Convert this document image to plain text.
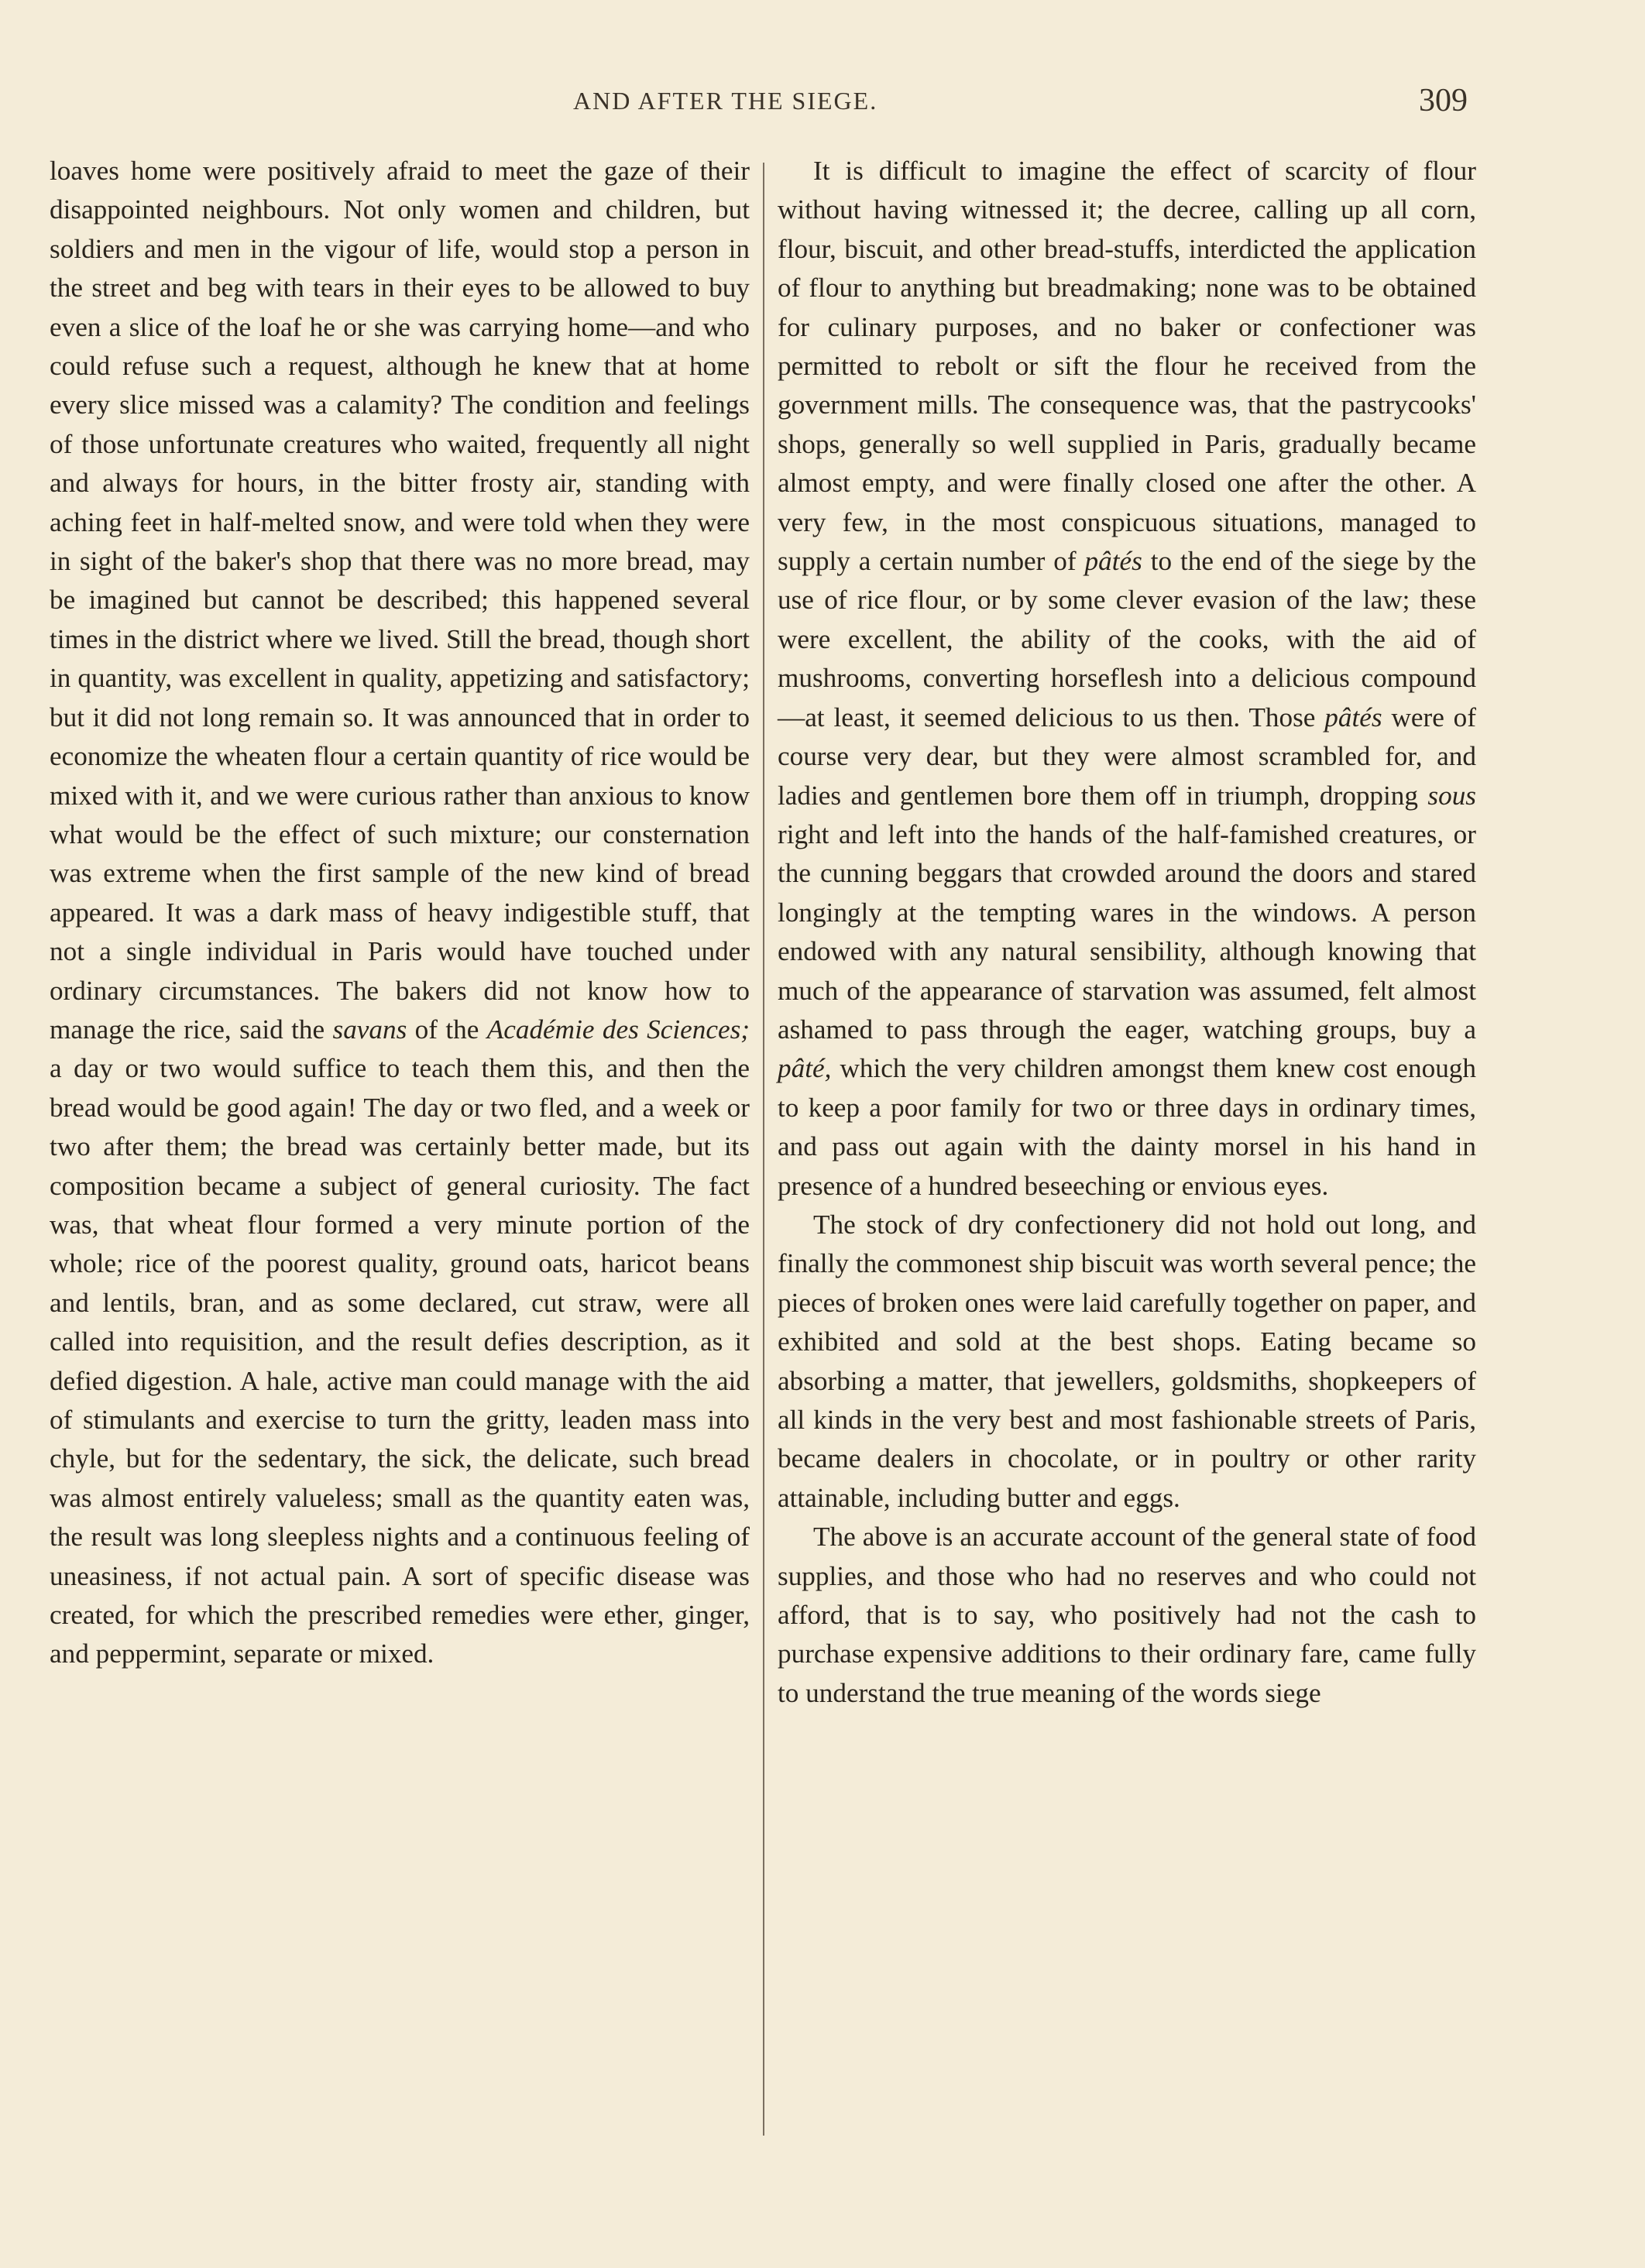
AND AFTER THE SIEGE.	309

loaves home were positively afraid to meet the gaze of their disappointed neighbours. Not only women and children, but soldiers and men in the vigour of life, would stop a person in the street and beg with tears in their eyes to be allowed to buy even a slice of the loaf he or she was carrying home—and who could refuse such a request, although he knew that at home every slice missed was a calamity? The condition and feelings of those unfortunate creatures who waited, frequently all night and always for hours, in the bitter frosty air, standing with aching feet in half-melted snow, and were told when they were in sight of the baker's shop that there was no more bread, may be imagined but cannot be described; this happened several times in the district where we lived. Still the bread, though short in quantity, was excellent in quality, appetizing and satisfactory; but it did not long remain so. It was announced that in order to economize the wheaten flour a certain quantity of rice would be mixed with it, and we were curious rather than anxious to know what would be the effect of such mixture; our consternation was extreme when the first sample of the new kind of bread appeared. It was a dark mass of heavy indigestible stuff, that not a single individual in Paris would have touched under ordinary circumstances. The bakers did not know how to manage the rice, said the savans of the Académie des Sciences; a day or two would suffice to teach them this, and then the bread would be good again! The day or two fled, and a week or two after them; the bread was certainly better made, but its composition became a subject of general curiosity. The fact was, that wheat flour formed a very minute portion of the whole; rice of the poorest quality, ground oats, haricot beans and lentils, bran, and as some declared, cut straw, were all called into requisition, and the result defies description, as it defied digestion. A hale, active man could manage with the aid of stimulants and exercise to turn the gritty, leaden mass into chyle, but for the sedentary, the sick, the delicate, such bread was almost entirely valueless; small as the quantity eaten was, the result was long sleepless nights and a continuous feeling of uneasiness, if not actual pain. A sort of specific disease was created, for which the prescribed remedies were ether, ginger, and peppermint, separate or mixed.

It is difficult to imagine the effect of scarcity of flour without having witnessed it; the decree, calling up all corn, flour, biscuit, and other bread-stuffs, interdicted the application of flour to anything but breadmaking; none was to be obtained for culinary purposes, and no baker or confectioner was permitted to rebolt or sift the flour he received from the government mills. The consequence was, that the pastrycooks' shops, generally so well supplied in Paris, gradually became almost empty, and were finally closed one after the other. A very few, in the most conspicuous situations, managed to supply a certain number of pâtés to the end of the siege by the use of rice flour, or by some clever evasion of the law; these were excellent, the ability of the cooks, with the aid of mushrooms, converting horseflesh into a delicious compound—at least, it seemed delicious to us then. Those pâtés were of course very dear, but they were almost scrambled for, and ladies and gentlemen bore them off in triumph, dropping sous right and left into the hands of the half-famished creatures, or the cunning beggars that crowded around the doors and stared longingly at the tempting wares in the windows. A person endowed with any natural sensibility, although knowing that much of the appearance of starvation was assumed, felt almost ashamed to pass through the eager, watching groups, buy a pâté, which the very children amongst them knew cost enough to keep a poor family for two or three days in ordinary times, and pass out again with the dainty morsel in his hand in presence of a hundred beseeching or envious eyes.

The stock of dry confectionery did not hold out long, and finally the commonest ship biscuit was worth several pence; the pieces of broken ones were laid carefully together on paper, and exhibited and sold at the best shops. Eating became so absorbing a matter, that jewellers, goldsmiths, shopkeepers of all kinds in the very best and most fashionable streets of Paris, became dealers in chocolate, or in poultry or other rarity attainable, including butter and eggs.

The above is an accurate account of the general state of food supplies, and those who had no reserves and who could not afford, that is to say, who positively had not the cash to purchase expensive additions to their ordinary fare, came fully to understand the true meaning of the words siege
